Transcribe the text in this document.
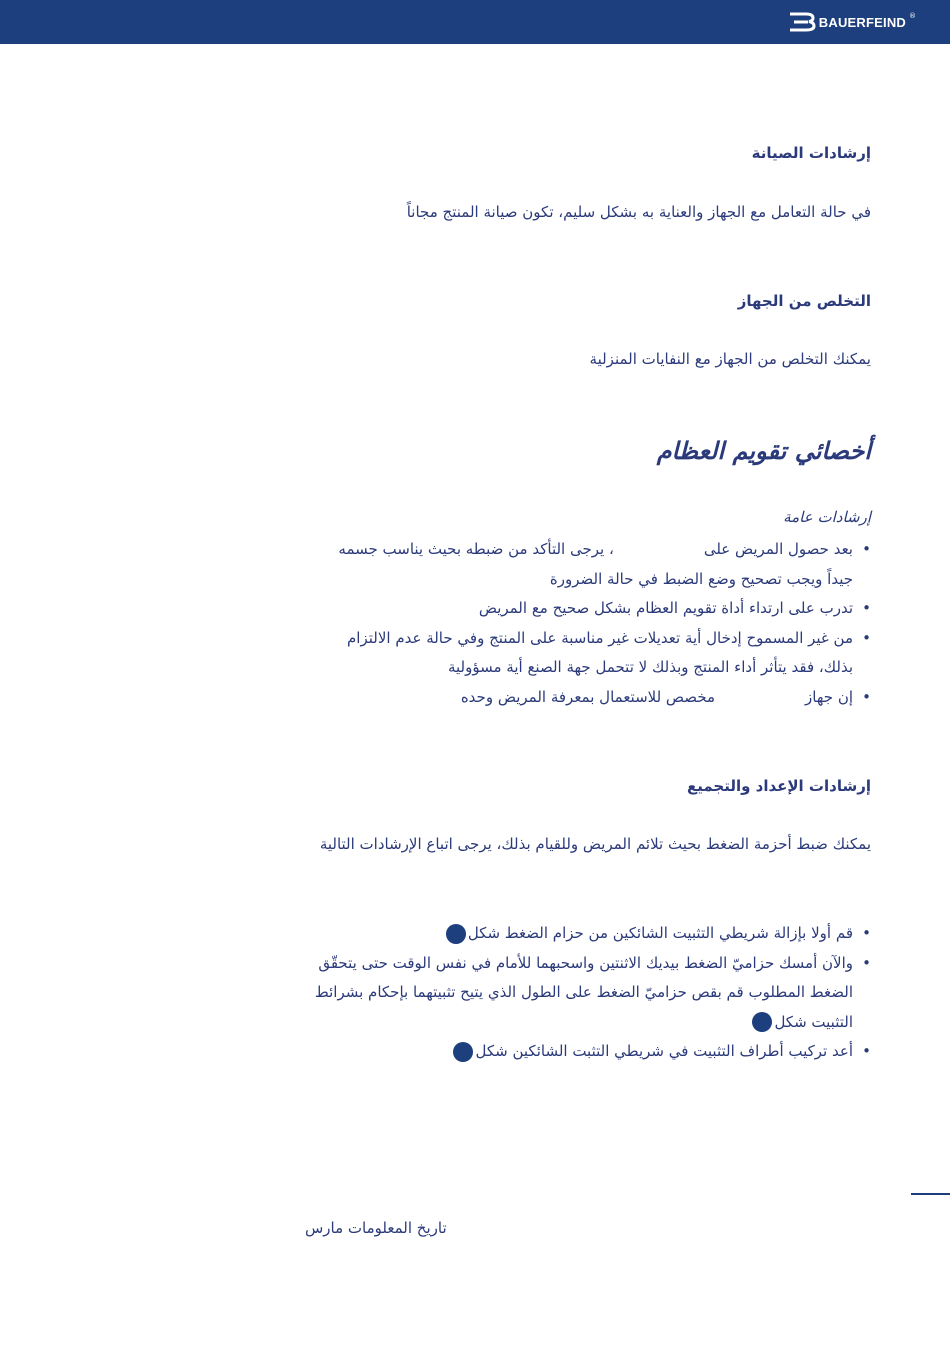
BAUERFEIND ®
إرشادات الصيانة
في حالة التعامل مع الجهاز والعناية به بشكل سليم، تكون صيانة المنتج مجاناً
التخلص من الجهاز
يمكنك التخلص من الجهاز مع النفايات المنزلية
أخصائي تقويم العظام
إرشادات عامة
• بعد حصول المريض على، يرجى التأكد من ضبطه بحيث يناسب جسمه
جيداً ويجب تصحيح وضع الضبط في حالة الضرورة
• تدرب على ارتداء أداة تقويم العظام بشكل صحيح مع المريض
• من غير المسموح إدخال أية تعديلات غير مناسبة على المنتج وفي حالة عدم الالتزام
بذلك، فقد يتأثر أداء المنتج وبذلك لا تتحمل جهة الصنع أية مسؤولية
• إن جهازمخصص للاستعمال بمعرفة المريض وحده
إرشادات الإعداد والتجميع
يمكنك ضبط أحزمة الضغط بحيث تلائم المريض وللقيام بذلك، يرجى اتباع الإرشادات التالية
• قم أولا بإزالة شريطي التثبيت الشائكين من حزام الضغط شكل
• والآن أمسك حزاميّ الضغط بيديك الاثنتين واسحبهما للأمام في نفس الوقت حتى يتحقّق
الضغط المطلوب قم بقص حزاميّ الضغط على الطول الذي يتيح تثبيتهما بإحكام بشرائط
التثبيت شكل
• أعد تركيب أطراف التثبيت في شريطي التثبت الشائكين شكل
تاريخ المعلومات مارس
